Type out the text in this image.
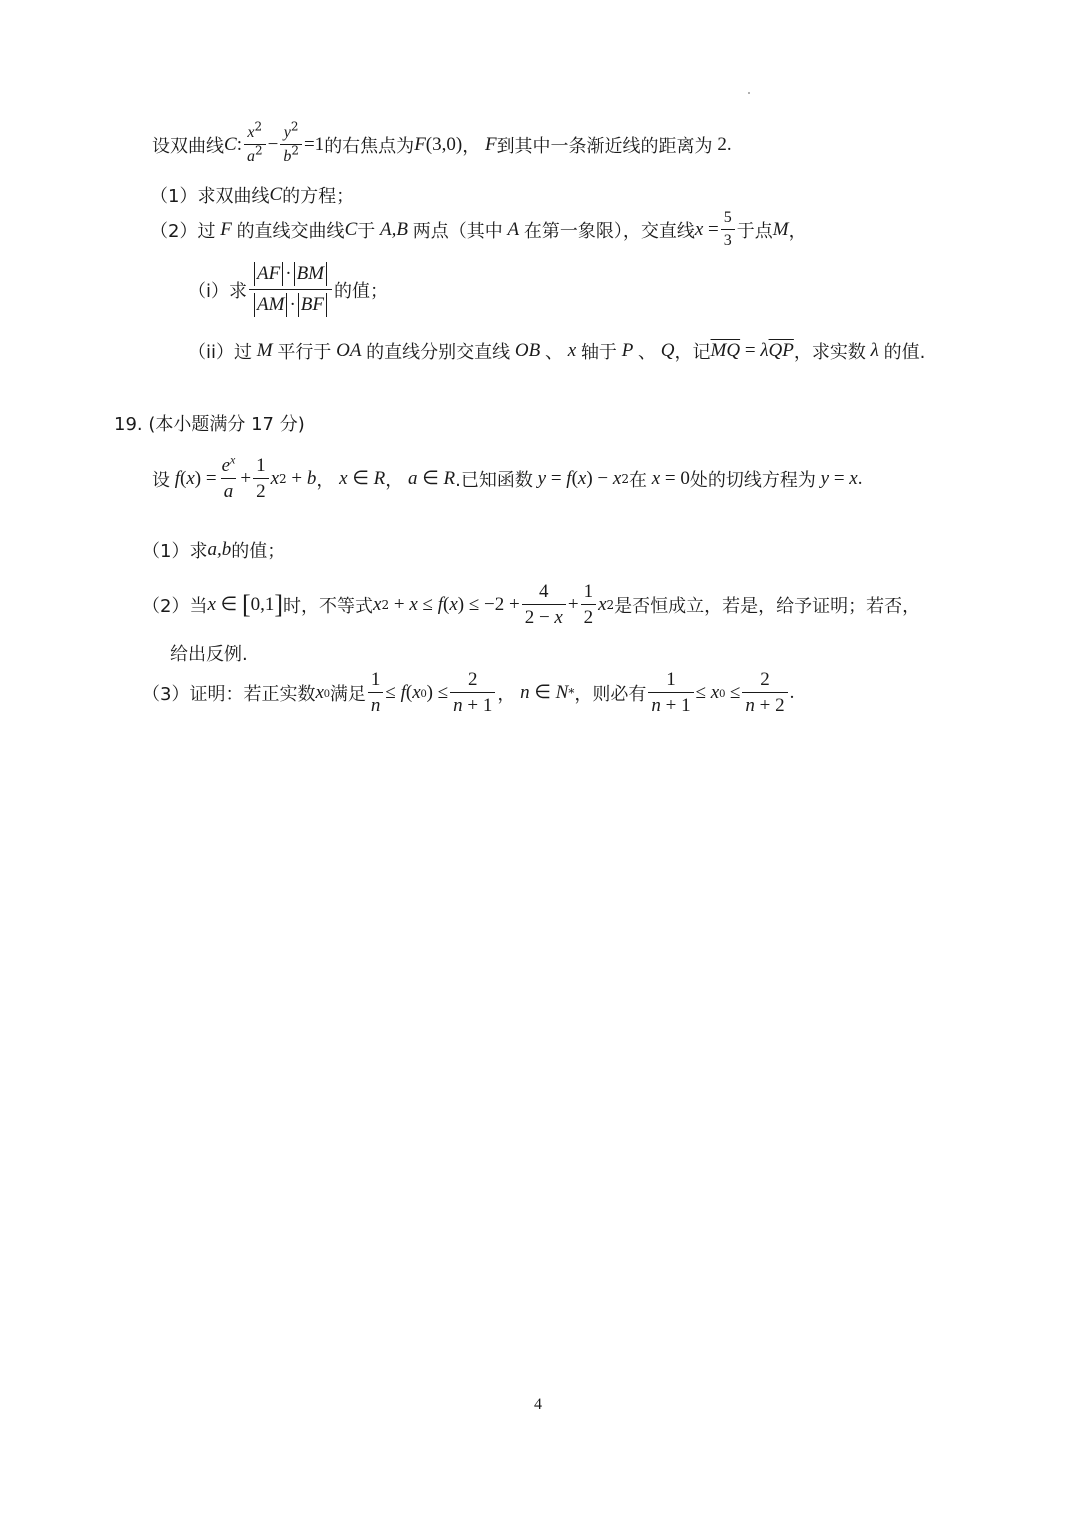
设双曲线 C : $\frac{x^2}{a^2} - \frac{y^2}{b^2} =1$ 的右焦点为 F (3,0) ， F 到其中一条渐近线的距离为 2 .
（1）求双曲线 C 的方程；
（2）过 F 的直线交曲线 C 于 A,B 两点（其中 A 在第一象限），交直线 $x = \frac{5}{3}$ 于点 M ，
（i）求 $\frac{AF \cdot BM}{AM \cdot BF}$ 的值；
（ii）过 M 平行于 OA 的直线分别交直线 OB 、 x 轴于 P 、 Q ，记 $\overline{MQ} = \lambda$ $\overline{QP}$ ，求实数 λ 的值.
19. (本小题满分 17 分)
设 f ( x ) = $\frac{e^x}{a} + \frac{1}{2}$ x 2 + b ， x ∈ R ， a ∈ R .已知函数 y = f ( x ) − x 2 在 x = 0 处的切线方程为 y = x .
（1）求 a,b 的值；
（2）当 x ∈ [ 0,1 ] 时，不等式 x 2 + x ≤ f ( x ) ≤ $-2 + \frac{4}{2 - x} + \frac{1}{2}$ x 2 是否恒成立，若是，给予证明；若否，
给出反例.
（3）证明：若正实数 x 0 满足 $\frac{1}{n} \le f$ ( x 0 ) ≤ $\frac{2}{n + 1}$ ， n ∈ N * ，则必有 $\frac{1}{n + 1} \le x$ $0 \le \frac{2}{n + 2}$ .
4
